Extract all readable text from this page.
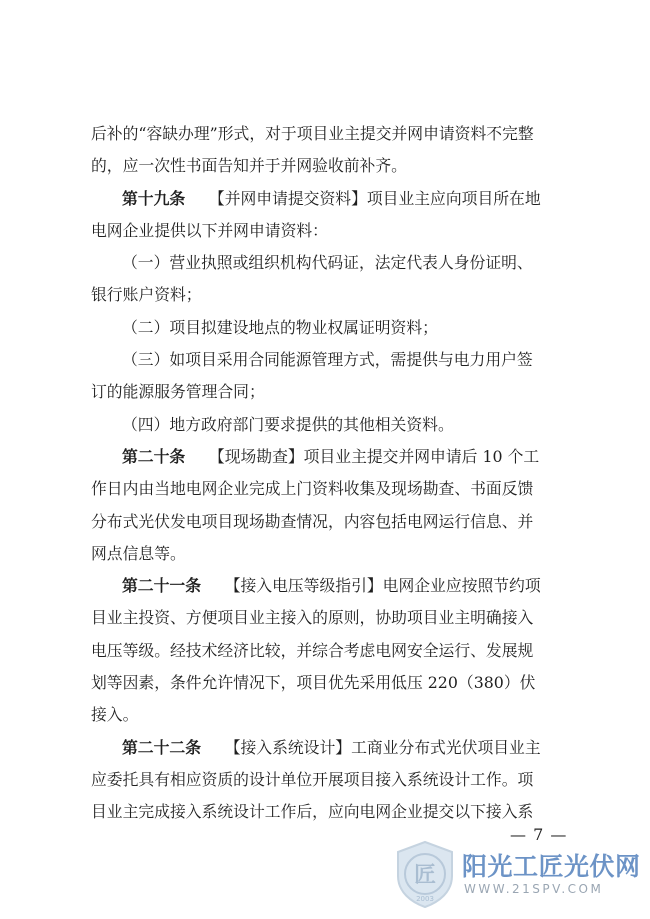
后补的“容缺办理”形式，对于项目业主提交并网申请资料不完整
的，应一次性书面告知并于并网验收前补齐。
第十九条　　【并网申请提交资料】项目业主应向项目所在地
电网企业提供以下并网申请资料：
（一）营业执照或组织机构代码证，法定代表人身份证明、
银行账户资料；
（二）项目拟建设地点的物业权属证明资料；
（三）如项目采用合同能源管理方式，需提供与电力用户签
订的能源服务管理合同；
（四）地方政府部门要求提供的其他相关资料。
第二十条　　【现场勘查】项目业主提交并网申请后 10 个工
作日内由当地电网企业完成上门资料收集及现场勘查、书面反馈
分布式光伏发电项目现场勘查情况，内容包括电网运行信息、并
网点信息等。
第二十一条　　【接入电压等级指引】电网企业应按照节约项
目业主投资、方便项目业主接入的原则，协助项目业主明确接入
电压等级。经技术经济比较，并综合考虑电网安全运行、发展规
划等因素，条件允许情况下，项目优先采用低压 220（380）伏
接入。
第二十二条　　【接入系统设计】工商业分布式光伏项目业主
应委托具有相应资质的设计单位开展项目接入系统设计工作。项
目业主完成接入系统设计工作后，应向电网企业提交以下接入系
— 7 —
匠
2003
阳光工匠光伏网
WWW.21SPV.COM
